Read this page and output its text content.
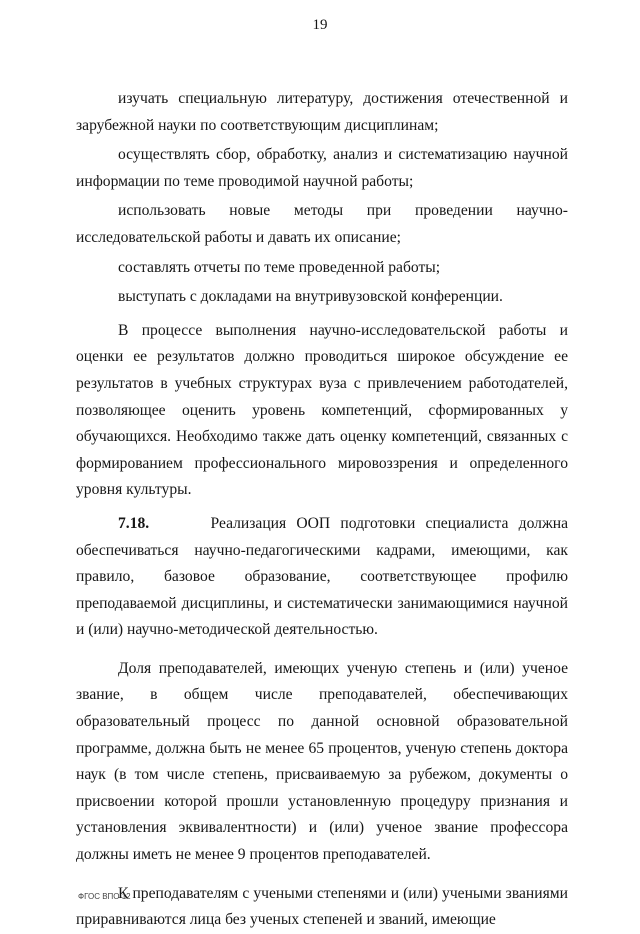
19

изучать специальную литературу, достижения отечественной и зарубежной науки по соответствующим дисциплинам;

осуществлять сбор, обработку, анализ и систематизацию научной информации по теме проводимой научной работы;

использовать новые методы при проведении научно-исследовательской работы и давать их описание;

составлять отчеты по теме проведенной работы;

выступать с докладами на внутривузовской конференции.

В процессе выполнения научно-исследовательской работы и оценки ее результатов должно проводиться широкое обсуждение ее результатов в учебных структурах вуза с привлечением работодателей, позволяющее оценить уровень компетенций, сформированных у обучающихся. Необходимо также дать оценку компетенций, связанных с формированием профессионального мировоззрения и определенного уровня культуры.

7.18.	Реализация ООП подготовки специалиста должна обеспечиваться научно-педагогическими кадрами, имеющими, как правило, базовое образование, соответствующее профилю преподаваемой дисциплины, и систематически занимающимися научной и (или) научно-методической деятельностью.

Доля преподавателей, имеющих ученую степень и (или) ученое звание, в общем числе преподавателей, обеспечивающих образовательный процесс по данной основной образовательной программе, должна быть не менее 65 процентов, ученую степень доктора наук (в том числе степень, присваиваемую за рубежом, документы о присвоении которой прошли установленную процедуру признания и установления эквивалентности) и (или) ученое звание профессора должны иметь не менее 9 процентов преподавателей.

К преподавателям с учеными степенями и (или) учеными званиями приравниваются лица без ученых степеней и званий, имеющие

ФГОС ВПО 12
